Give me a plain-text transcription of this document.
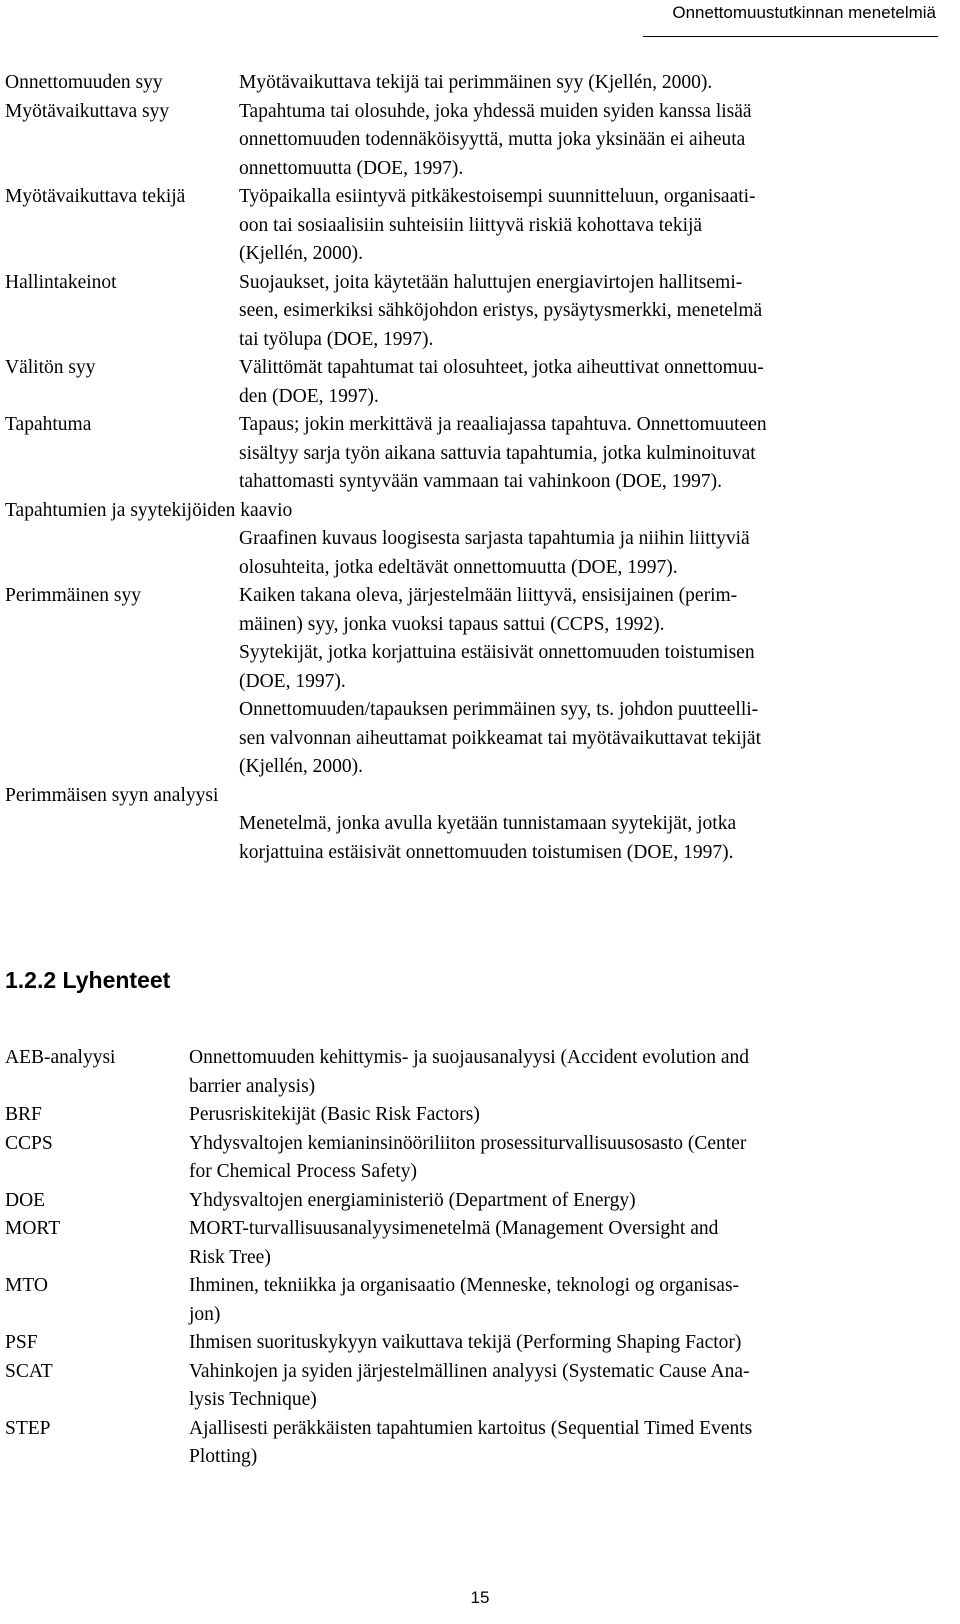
Onnettomuustutkinnan menetelmiä
Onnettomuuden syy	Myötävaikuttava tekijä tai perimmäinen syy (Kjellén, 2000).
Myötävaikuttava syy	Tapahtuma tai olosuhde, joka yhdessä muiden syiden kanssa lisää
onnettomuuden todennäköisyyttä, mutta joka yksinään ei aiheuta
onnettomuutta (DOE, 1997).
Myötävaikuttava tekijä	Työpaikalla esiintyvä pitkäkestoisempi suunnitteluun, organisaati-
oon tai sosiaalisiin suhteisiin liittyvä riskiä kohottava tekijä
(Kjellén, 2000).
Hallintakeinot	Suojaukset, joita käytetään haluttujen energiavirtojen hallitsemi-
seen, esimerkiksi sähköjohdon eristys, pysäytysmerkki, menetelmä
tai työlupa (DOE, 1997).
Välitön syy	Välittömät tapahtumat tai olosuhteet, jotka aiheuttivat onnettomuu-
den (DOE, 1997).
Tapahtuma	Tapaus; jokin merkittävä ja reaaliajassa tapahtuva. Onnettomuuteen
sisältyy sarja työn aikana sattuvia tapahtumia, jotka kulminoituvat
tahattomasti syntyvään vammaan tai vahinkoon (DOE, 1997).
Tapahtumien ja syytekijöiden kaavio
Graafinen kuvaus loogisesta sarjasta tapahtumia ja niihin liittyviä
olosuhteita, jotka edeltävät onnettomuutta (DOE, 1997).
Perimmäinen syy	Kaiken takana oleva, järjestelmään liittyvä, ensisijainen (perim-
mäinen) syy, jonka vuoksi tapaus sattui (CCPS, 1992).
Syytekijät, jotka korjattuina estäisivät onnettomuuden toistumisen
(DOE, 1997).
Onnettomuuden/tapauksen perimmäinen syy, ts. johdon puutteelli-
sen valvonnan aiheuttamat poikkeamat tai myötävaikuttavat tekijät
(Kjellén, 2000).
Perimmäisen syyn analyysi
Menetelmä, jonka avulla kyetään tunnistamaan syytekijät, jotka
korjattuina estäisivät onnettomuuden toistumisen (DOE, 1997).
1.2.2 Lyhenteet
AEB-analyysi	Onnettomuuden kehittymis- ja suojausanalyysi (Accident evolution and
barrier analysis)
BRF	Perusriskitekijät (Basic Risk Factors)
CCPS	Yhdysvaltojen kemianinsinööriliiton prosessiturvallisuusosasto (Center
for Chemical Process Safety)
DOE	Yhdysvaltojen energiaministeriö (Department of Energy)
MORT	MORT-turvallisuusanalyysimenetelmä (Management Oversight and
Risk Tree)
MTO	Ihminen, tekniikka ja organisaatio (Menneske, teknologi og organisas-
jon)
PSF	Ihmisen suorituskykyyn vaikuttava tekijä (Performing Shaping Factor)
SCAT	Vahinkojen ja syiden järjestelmällinen analyysi (Systematic Cause Ana-
lysis Technique)
STEP	Ajallisesti peräkkäisten tapahtumien kartoitus (Sequential Timed Events
Plotting)
15
